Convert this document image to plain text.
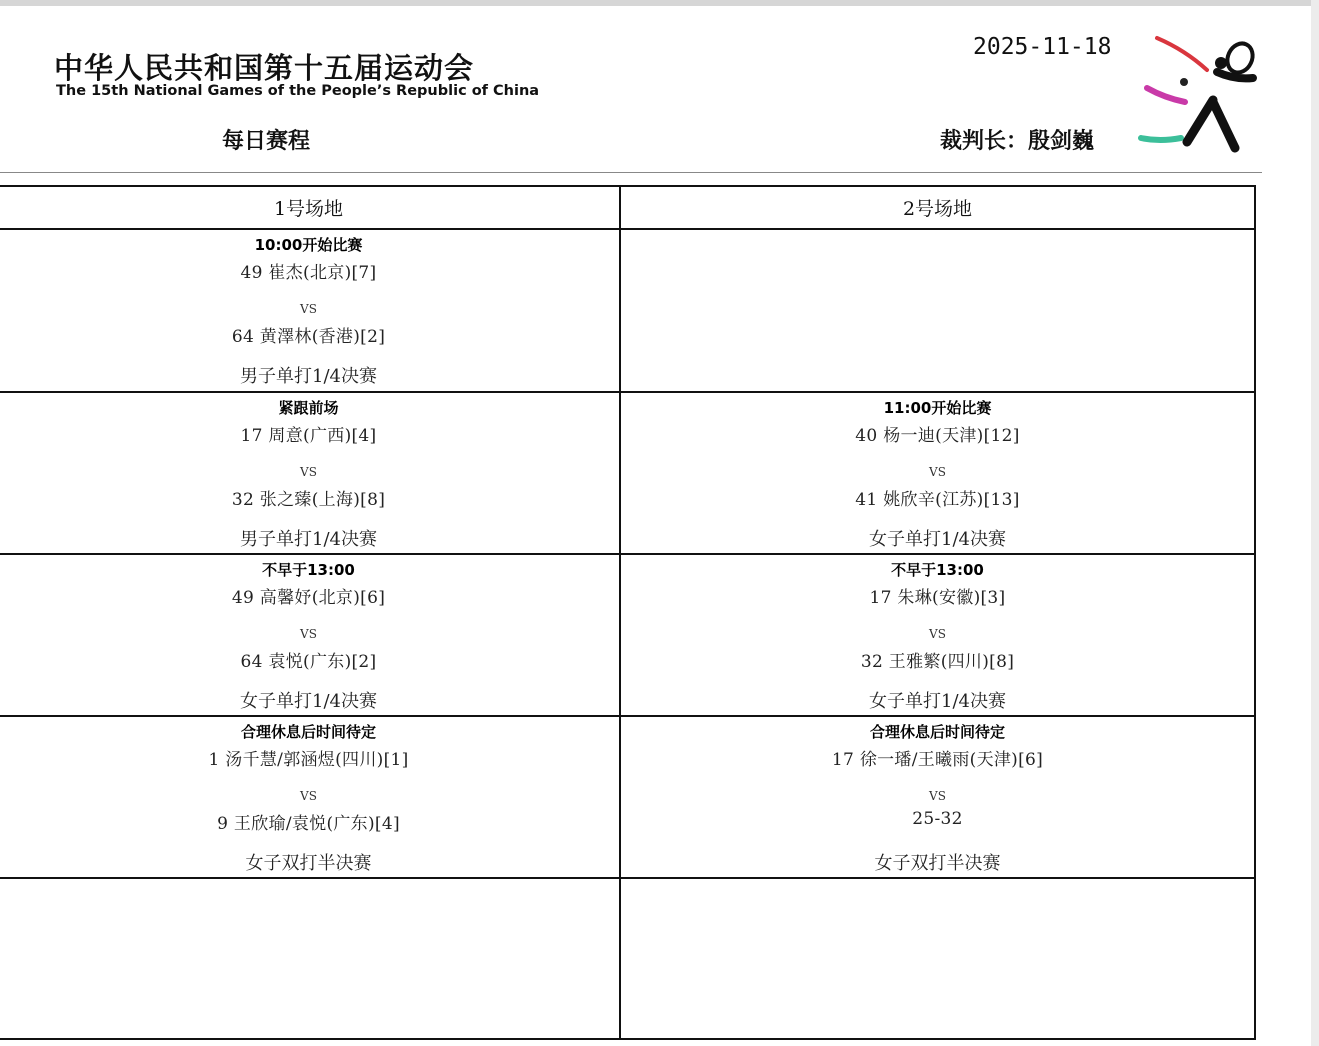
中华人民共和国第十五届运动会
The 15th National Games of the People’s Republic of China
每日赛程
2025-11-18
裁判长：殷剑巍
1号场地	2号场地
10:00开始比赛
49 崔杰(北京)[7]
VS
64 黄澤林(香港)[2]
男子单打1/4决赛
紧跟前场
17 周意(广西)[4]
VS
32 张之臻(上海)[8]
男子单打1/4决赛
11:00开始比赛
40 杨一迪(天津)[12]
VS
41 姚欣辛(江苏)[13]
女子单打1/4决赛
不早于13:00
49 高馨妤(北京)[6]
VS
64 袁悦(广东)[2]
女子单打1/4决赛
不早于13:00
17 朱琳(安徽)[3]
VS
32 王雅繁(四川)[8]
女子单打1/4决赛
合理休息后时间待定
1 汤千慧/郭涵煜(四川)[1]
VS
9 王欣瑜/袁悦(广东)[4]
女子双打半决赛
合理休息后时间待定
17 徐一璠/王曦雨(天津)[6]
VS
25-32
女子双打半决赛
